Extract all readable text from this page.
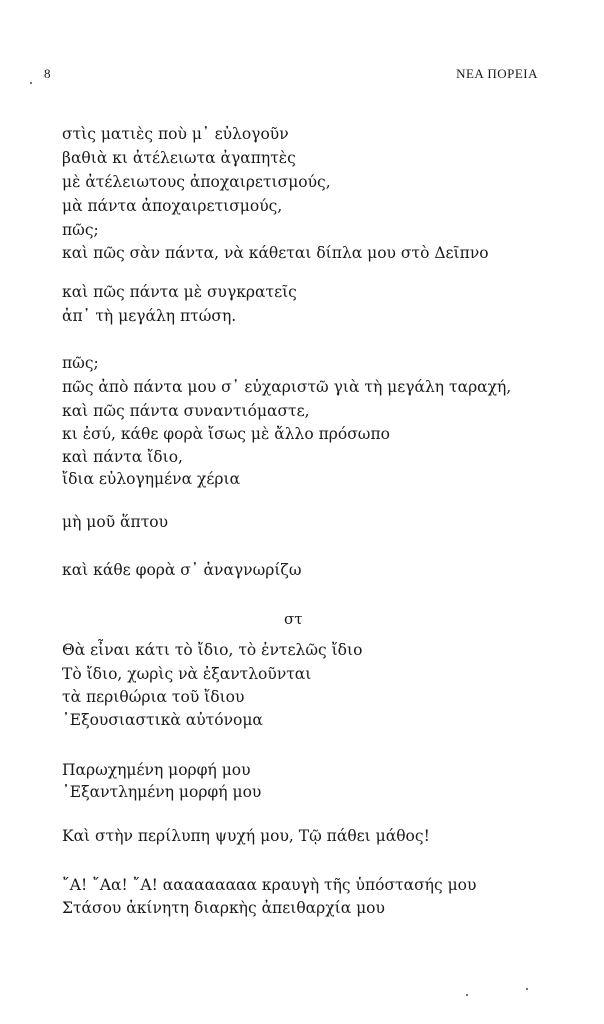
8	ΝΕΑ ΠΟΡΕΙΑ
στὶς ματιὲς ποὺ μ᾽ εὐλογοῦν
βαθιὰ κι ἀτέλειωτα ἀγαπητὲς
μὲ ἀτέλειωτους ἀποχαιρετισμούς,
μὰ πάντα ἀποχαιρετισμούς,
πῶς;
καὶ πῶς σὰν πάντα, νὰ κάθεται δίπλα μου στὸ Δεῖπνο
καὶ πῶς πάντα μὲ συγκρατεῖς
ἀπ᾽ τὴ μεγάλη πτώση.
πῶς;
πῶς ἀπὸ πάντα μου σ᾽ εὐχαριστῶ γιὰ τὴ μεγάλη ταραχή,
καὶ πῶς πάντα συναντιόμαστε,
κι ἐσύ, κάθε φορὰ ἴσως μὲ ἄλλο πρόσωπο
καὶ πάντα ἴδιο,
ἴδια εὐλογημένα χέρια
μὴ μοῦ ἅπτου
καὶ κάθε φορὰ σ᾽ ἀναγνωρίζω
στ
Θὰ εἶναι κάτι τὸ ἴδιο, τὸ ἐντελῶς ἴδιο
Τὸ ἴδιο, χωρὶς νὰ ἐξαντλοῦνται
τὰ περιθώρια τοῦ ἴδιου
᾽Εξουσιαστικὰ αὐτόνομα
Παρωχημένη μορφή μου
᾽Εξαντλημένη μορφή μου
Καὶ στὴν περίλυπη ψυχή μου, Τῷ πάθει μάθος!
῎Α! ῎Αα! ῎Α! ααααααααα κραυγὴ τῆς ὑπόστασής μου
Στάσου ἀκίνητη διαρκὴς ἀπειθαρχία μου
